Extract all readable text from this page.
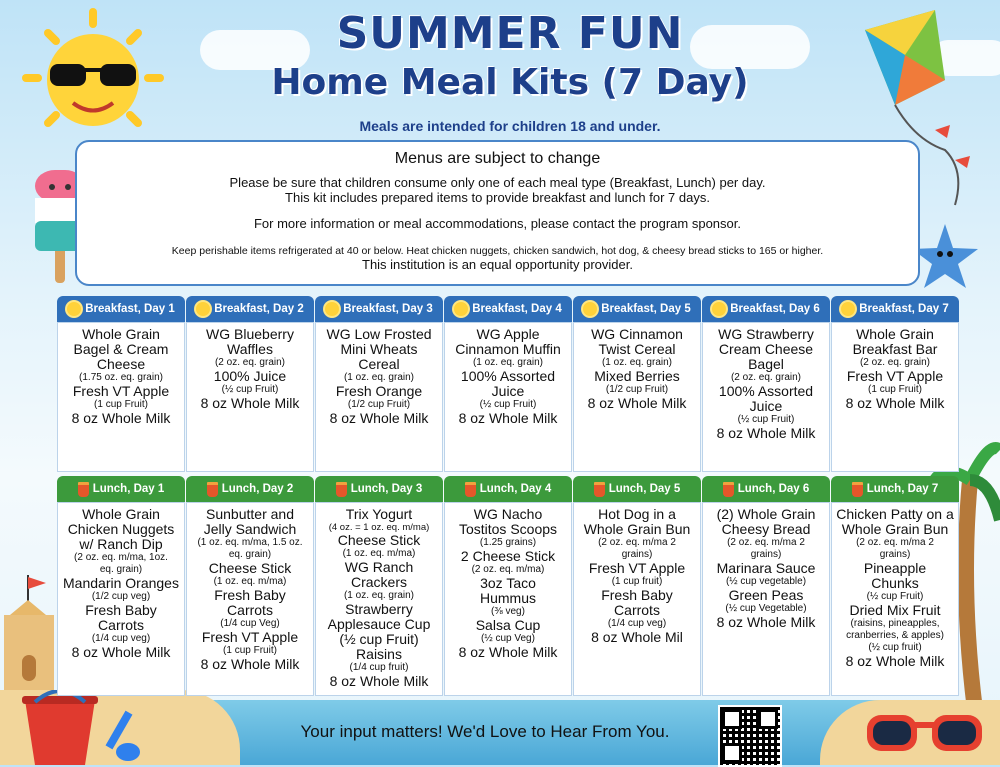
SUMMER FUN
Home Meal Kits (7 Day)
Meals are intended for children 18 and under.
Menus are subject to change
Please be sure that children consume only one of each meal type (Breakfast, Lunch) per day.
This kit includes prepared items to provide breakfast and lunch for 7 days.
For more information or meal accommodations, please contact the program sponsor.
Keep perishable items refrigerated at 40 or below. Heat chicken nuggets, chicken sandwich, hot dog, & cheesy bread sticks to 165 or higher.
This institution is an equal opportunity provider.
Breakfast, Day 1
Whole Grain
Bagel & Cream
Cheese
(1.75 oz. eq. grain)
Fresh VT Apple
(1 cup Fruit)
8 oz Whole Milk
Breakfast, Day 2
WG Blueberry
Waffles
(2 oz. eq. grain)
100% Juice
(½ cup Fruit)
8 oz Whole Milk
Breakfast, Day 3
WG Low Frosted
Mini Wheats
Cereal
(1 oz. eq. grain)
Fresh Orange
(1/2 cup Fruit)
8 oz Whole Milk
Breakfast, Day 4
WG Apple
Cinnamon Muffin
(1 oz. eq. grain)
100% Assorted
Juice
(½ cup Fruit)
8 oz Whole Milk
Breakfast, Day 5
WG Cinnamon
Twist Cereal
(1 oz. eq. grain)
Mixed Berries
(1/2 cup Fruit)
8 oz Whole Milk
Breakfast, Day 6
WG Strawberry
Cream Cheese
Bagel
(2 oz. eq. grain)
100% Assorted
Juice
(½ cup Fruit)
8 oz Whole Milk
Breakfast, Day 7
Whole Grain
Breakfast Bar
(2 oz. eq. grain)
Fresh VT Apple
(1 cup Fruit)
8 oz Whole Milk
Lunch, Day 1
Whole Grain
Chicken Nuggets
w/ Ranch Dip
(2 oz. eq. m/ma, 1oz.
eq. grain)
Mandarin Oranges
(1/2 cup veg)
Fresh Baby
Carrots
(1/4 cup veg)
8 oz Whole Milk
Lunch, Day 2
Sunbutter and
Jelly Sandwich
(1 oz. eq. m/ma, 1.5 oz.
eq. grain)
Cheese Stick
(1 oz. eq. m/ma)
Fresh Baby
Carrots
(1/4 cup Veg)
Fresh VT Apple
(1 cup Fruit)
8 oz Whole Milk
Lunch, Day 3
Trix Yogurt
(4 oz. = 1 oz. eq. m/ma)
Cheese Stick
(1 oz. eq. m/ma)
WG Ranch
Crackers
(1 oz. eq. grain)
Strawberry
Applesauce Cup
(½ cup Fruit)
Raisins
(1/4 cup fruit)
8 oz Whole Milk
Lunch, Day 4
WG Nacho
Tostitos Scoops
(1.25 grains)
2 Cheese Stick
(2 oz. eq. m/ma)
3oz Taco
Hummus
(⅜ veg)
Salsa Cup
(½ cup Veg)
8 oz Whole Milk
Lunch, Day 5
Hot Dog in a
Whole Grain Bun
(2 oz. eq. m/ma 2
grains)
Fresh VT Apple
(1 cup fruit)
Fresh Baby
Carrots
(1/4 cup veg)
8 oz Whole Mil
Lunch, Day 6
(2) Whole Grain
Cheesy Bread
(2 oz. eq. m/ma 2
grains)
Marinara Sauce
(½ cup vegetable)
Green Peas
(½ cup Vegetable)
8 oz Whole Milk
Lunch, Day 7
Chicken Patty on a
Whole Grain Bun
(2 oz. eq. m/ma 2
grains)
Pineapple
Chunks
(½ cup Fruit)
Dried Mix Fruit
(raisins, pineapples,
cranberries, & apples)
(½ cup fruit)
8 oz Whole Milk
Your input matters! We'd Love to Hear From You.
